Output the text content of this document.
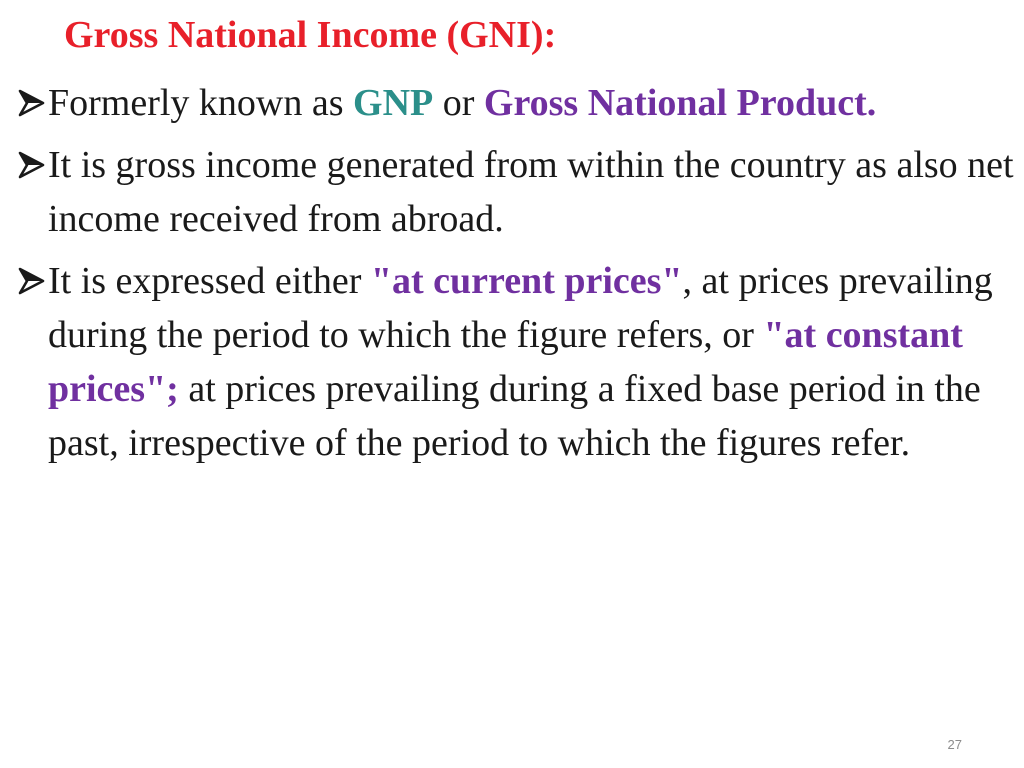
Gross National Income (GNI):
Formerly known as GNP or Gross National Product.
It is gross income generated from within the country as also net income received from abroad.
It is expressed either "at current prices", at prices prevailing during the period to which the figure refers, or "at constant prices"; at prices prevailing during a fixed base period in the past, irrespective of the period to which the figures refer.
27
